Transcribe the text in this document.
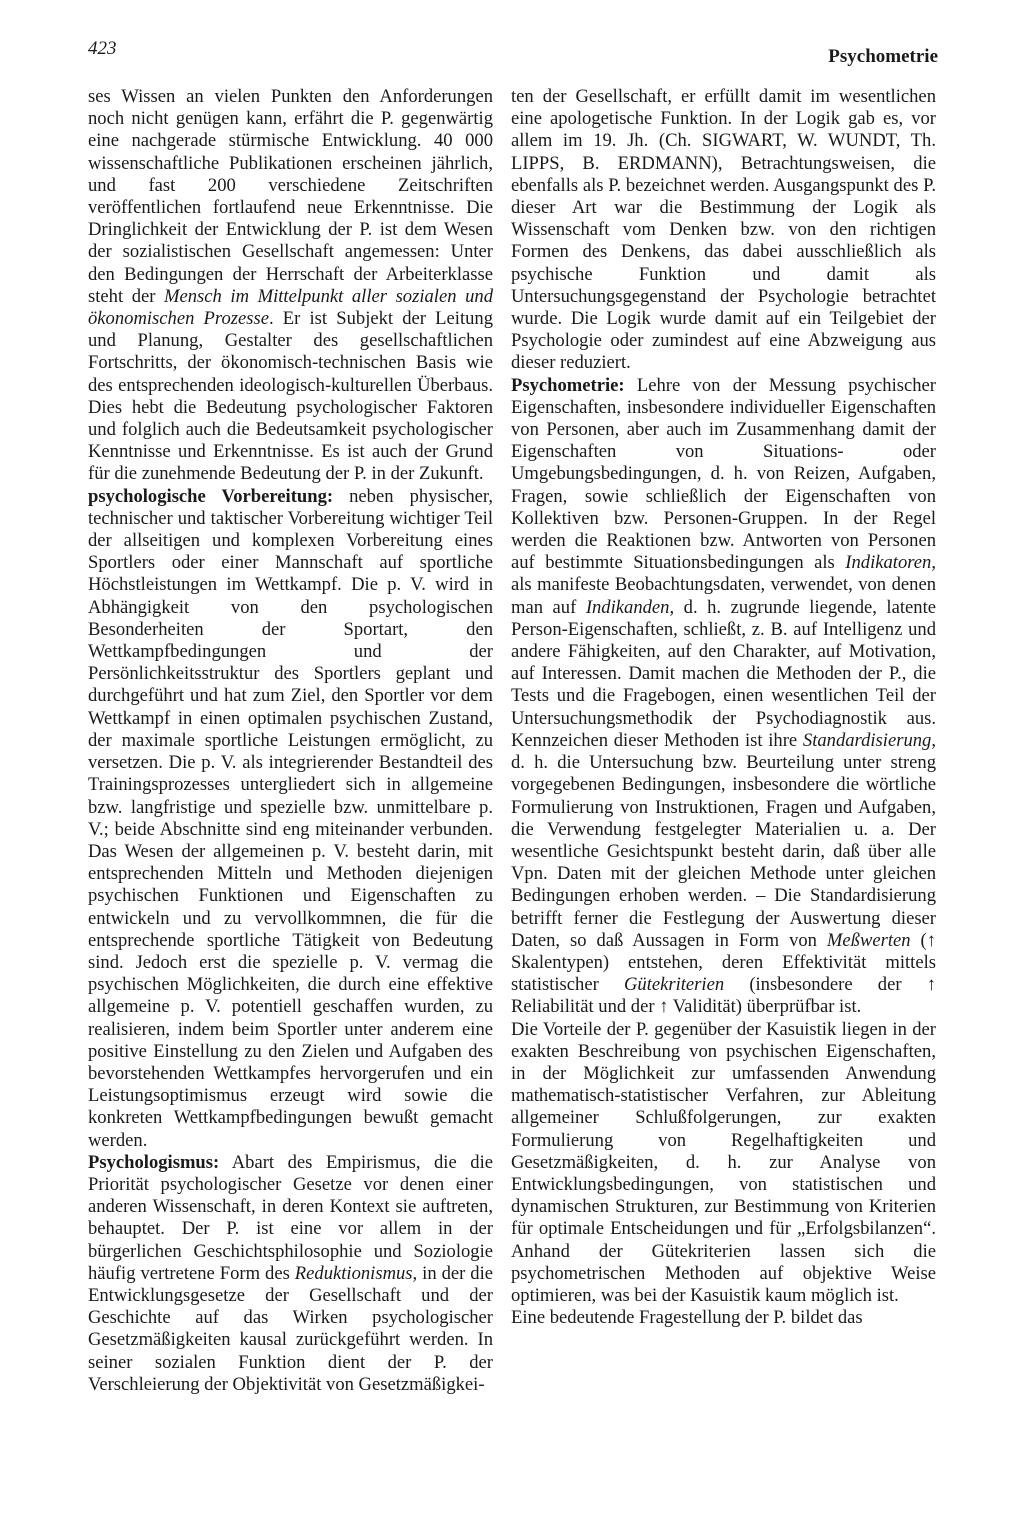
423	Psychometrie

ses Wissen an vielen Punkten den Anforderungen noch nicht genügen kann, erfährt die P. gegenwärtig eine nachgerade stürmische Entwicklung. 40 000 wissenschaftliche Publikationen erscheinen jährlich, und fast 200 verschiedene Zeitschriften veröffentlichen fortlaufend neue Erkenntnisse. Die Dringlichkeit der Entwicklung der P. ist dem Wesen der sozialistischen Gesellschaft angemessen: Unter den Bedingungen der Herrschaft der Arbeiterklasse steht der Mensch im Mittelpunkt aller sozialen und ökonomischen Prozesse. Er ist Subjekt der Leitung und Planung, Gestalter des gesellschaftlichen Fortschritts, der ökonomisch-technischen Basis wie des entsprechenden ideologisch-kulturellen Überbaus. Dies hebt die Bedeutung psychologischer Faktoren und folglich auch die Bedeutsamkeit psychologischer Kenntnisse und Erkenntnisse. Es ist auch der Grund für die zunehmende Bedeutung der P. in der Zukunft.

psychologische Vorbereitung: neben physischer, technischer und taktischer Vorbereitung wichtiger Teil der allseitigen und komplexen Vorbereitung eines Sportlers oder einer Mannschaft auf sportliche Höchstleistungen im Wettkampf. Die p. V. wird in Abhängigkeit von den psychologischen Besonderheiten der Sportart, den Wettkampfbedingungen und der Persönlichkeitsstruktur des Sportlers geplant und durchgeführt und hat zum Ziel, den Sportler vor dem Wettkampf in einen optimalen psychischen Zustand, der maximale sportliche Leistungen ermöglicht, zu versetzen. Die p. V. als integrierender Bestandteil des Trainingsprozesses untergliedert sich in allgemeine bzw. langfristige und spezielle bzw. unmittelbare p. V.; beide Abschnitte sind eng miteinander verbunden. Das Wesen der allgemeinen p. V. besteht darin, mit entsprechenden Mitteln und Methoden diejenigen psychischen Funktionen und Eigenschaften zu entwickeln und zu vervollkommnen, die für die entsprechende sportliche Tätigkeit von Bedeutung sind. Jedoch erst die spezielle p. V. vermag die psychischen Möglichkeiten, die durch eine effektive allgemeine p. V. potentiell geschaffen wurden, zu realisieren, indem beim Sportler unter anderem eine positive Einstellung zu den Zielen und Aufgaben des bevorstehenden Wettkampfes hervorgerufen und ein Leistungsoptimismus erzeugt wird sowie die konkreten Wettkampfbedingungen bewußt gemacht werden.

Psychologismus: Abart des Empirismus, die die Priorität psychologischer Gesetze vor denen einer anderen Wissenschaft, in deren Kontext sie auftreten, behauptet. Der P. ist eine vor allem in der bürgerlichen Geschichtsphilosophie und Soziologie häufig vertretene Form des Reduktionismus, in der die Entwicklungsgesetze der Gesellschaft und der Geschichte auf das Wirken psychologischer Gesetzmäßigkeiten kausal zurückgeführt werden. In seiner sozialen Funktion dient der P. der Verschleierung der Objektivität von Gesetzmäßigkei-

ten der Gesellschaft, er erfüllt damit im wesentlichen eine apologetische Funktion. In der Logik gab es, vor allem im 19. Jh. (Ch. SIGWART, W. WUNDT, Th. LIPPS, B. ERDMANN), Betrachtungsweisen, die ebenfalls als P. bezeichnet werden. Ausgangspunkt des P. dieser Art war die Bestimmung der Logik als Wissenschaft vom Denken bzw. von den richtigen Formen des Denkens, das dabei ausschließlich als psychische Funktion und damit als Untersuchungsgegenstand der Psychologie betrachtet wurde. Die Logik wurde damit auf ein Teilgebiet der Psychologie oder zumindest auf eine Abzweigung aus dieser reduziert.

Psychometrie: Lehre von der Messung psychischer Eigenschaften, insbesondere individueller Eigenschaften von Personen, aber auch im Zusammenhang damit der Eigenschaften von Situations- oder Umgebungsbedingungen, d. h. von Reizen, Aufgaben, Fragen, sowie schließlich der Eigenschaften von Kollektiven bzw. Personen-Gruppen. In der Regel werden die Reaktionen bzw. Antworten von Personen auf bestimmte Situationsbedingungen als Indikatoren, als manifeste Beobachtungsdaten, verwendet, von denen man auf Indikanden, d. h. zugrunde liegende, latente Person-Eigenschaften, schließt, z. B. auf Intelligenz und andere Fähigkeiten, auf den Charakter, auf Motivation, auf Interessen. Damit machen die Methoden der P., die Tests und die Fragebogen, einen wesentlichen Teil der Untersuchungsmethodik der Psychodiagnostik aus. Kennzeichen dieser Methoden ist ihre Standardisierung, d. h. die Untersuchung bzw. Beurteilung unter streng vorgegebenen Bedingungen, insbesondere die wörtliche Formulierung von Instruktionen, Fragen und Aufgaben, die Verwendung festgelegter Materialien u. a. Der wesentliche Gesichtspunkt besteht darin, daß über alle Vpn. Daten mit der gleichen Methode unter gleichen Bedingungen erhoben werden. – Die Standardisierung betrifft ferner die Festlegung der Auswertung dieser Daten, so daß Aussagen in Form von Meßwerten (↑ Skalentypen) entstehen, deren Effektivität mittels statistischer Gütekriterien (insbesondere der ↑ Reliabilität und der ↑ Validität) überprüfbar ist.

Die Vorteile der P. gegenüber der Kasuistik liegen in der exakten Beschreibung von psychischen Eigenschaften, in der Möglichkeit zur umfassenden Anwendung mathematisch-statistischer Verfahren, zur Ableitung allgemeiner Schlußfolgerungen, zur exakten Formulierung von Regelhaftigkeiten und Gesetzmäßigkeiten, d. h. zur Analyse von Entwicklungsbedingungen, von statistischen und dynamischen Strukturen, zur Bestimmung von Kriterien für optimale Entscheidungen und für „Erfolgsbilanzen“. Anhand der Gütekriterien lassen sich die psychometrischen Methoden auf objektive Weise optimieren, was bei der Kasuistik kaum möglich ist.

Eine bedeutende Fragestellung der P. bildet das
